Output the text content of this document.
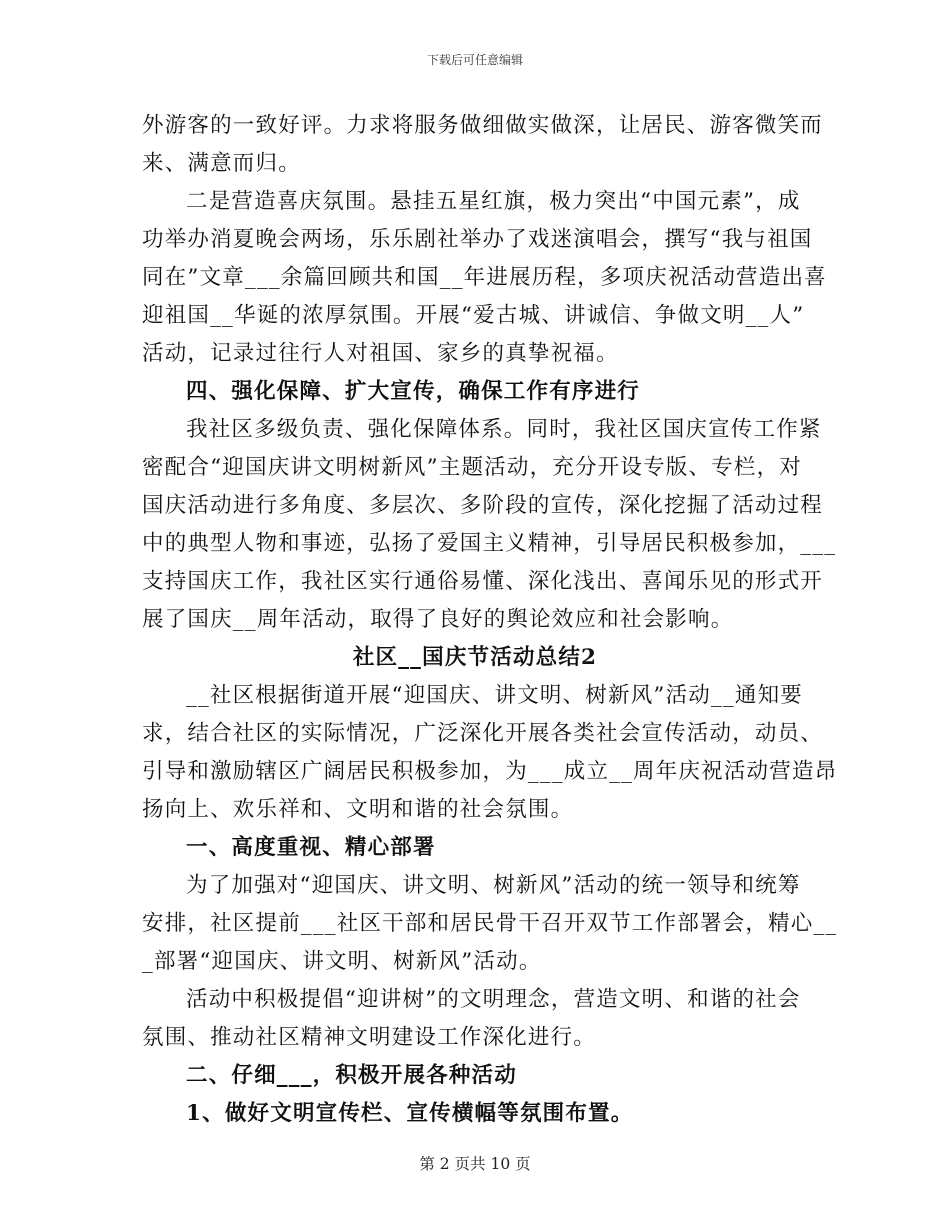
下载后可任意编辑
外游客的一致好评。力求将服务做细做实做深，让居民、游客微笑而
来、满意而归。
二是营造喜庆氛围。悬挂五星红旗，极力突出“中国元素”，成
功举办消夏晚会两场，乐乐剧社举办了戏迷演唱会，撰写“我与祖国
同在”文章___余篇回顾共和国__年进展历程，多项庆祝活动营造出喜
迎祖国__华诞的浓厚氛围。开展“爱古城、讲诚信、争做文明__人”
活动，记录过往行人对祖国、家乡的真挚祝福。
四、强化保障、扩大宣传，确保工作有序进行
我社区多级负责、强化保障体系。同时，我社区国庆宣传工作紧
密配合“迎国庆讲文明树新风”主题活动，充分开设专版、专栏，对
国庆活动进行多角度、多层次、多阶段的宣传，深化挖掘了活动过程
中的典型人物和事迹，弘扬了爱国主义精神，引导居民积极参加，___
支持国庆工作，我社区实行通俗易懂、深化浅出、喜闻乐见的形式开
展了国庆__周年活动，取得了良好的舆论效应和社会影响。
社区__国庆节活动总结2
__社区根据街道开展“迎国庆、讲文明、树新风”活动__通知要
求，结合社区的实际情况，广泛深化开展各类社会宣传活动，动员、
引导和激励辖区广阔居民积极参加，为___成立__周年庆祝活动营造昂
扬向上、欢乐祥和、文明和谐的社会氛围。
一、高度重视、精心部署
为了加强对“迎国庆、讲文明、树新风”活动的统一领导和统筹
安排，社区提前___社区干部和居民骨干召开双节工作部署会，精心__
_部署“迎国庆、讲文明、树新风”活动。
活动中积极提倡“迎讲树”的文明理念，营造文明、和谐的社会
氛围、推动社区精神文明建设工作深化进行。
二、仔细___，积极开展各种活动
1、做好文明宣传栏、宣传横幅等氛围布置。
第 2 页共 10 页
